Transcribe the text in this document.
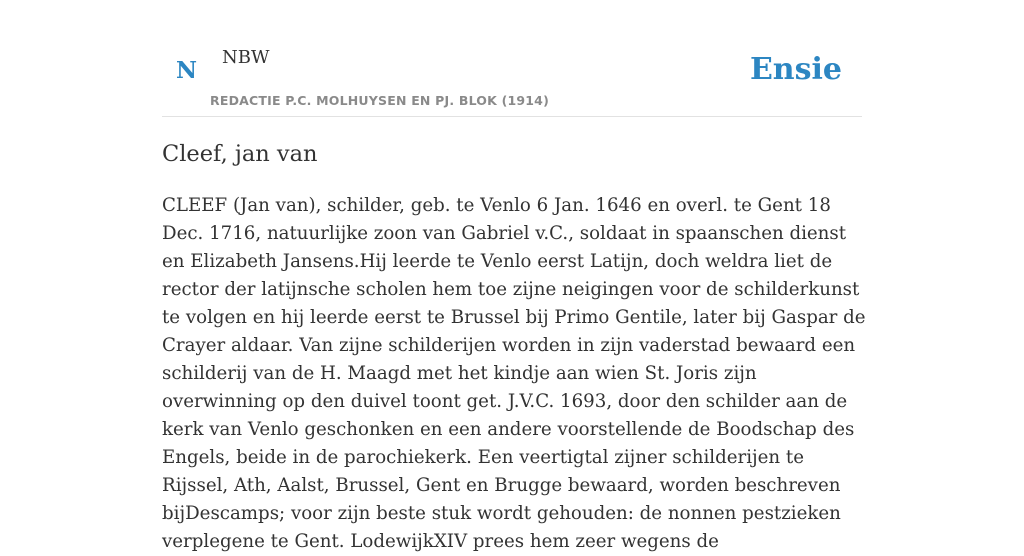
N NBW
REDACTIE P.C. MOLHUYSEN EN PJ. BLOK (1914)
Ensie
Cleef, jan van

CLEEF (Jan van), schilder, geb. te Venlo 6 Jan. 1646 en overl. te Gent 18 Dec. 1716, natuurlijke zoon van Gabriel v.C., soldaat in spaanschen dienst en Elizabeth Jansens.Hij leerde te Venlo eerst Latijn, doch weldra liet de rector der latijnsche scholen hem toe zijne neigingen voor de schilderkunst te volgen en hij leerde eerst te Brussel bij Primo Gentile, later bij Gaspar de Crayer aldaar. Van zijne schilderijen worden in zijn vaderstad bewaard een schilderij van de H. Maagd met het kindje aan wien St. Joris zijn overwinning op den duivel toont get. J.V.C. 1693, door den schilder aan de kerk van Venlo geschonken en een andere voorstellende de Boodschap des Engels, beide in de parochiekerk. Een veertigtal zijner schilderijen te Rijssel, Ath, Aalst, Brussel, Gent en Brugge bewaard, worden beschreven bijDescamps; voor zijn beste stuk wordt gehouden: de nonnen pestzieken verplegene te Gent. LodewijkXIV prees hem zeer wegens de
